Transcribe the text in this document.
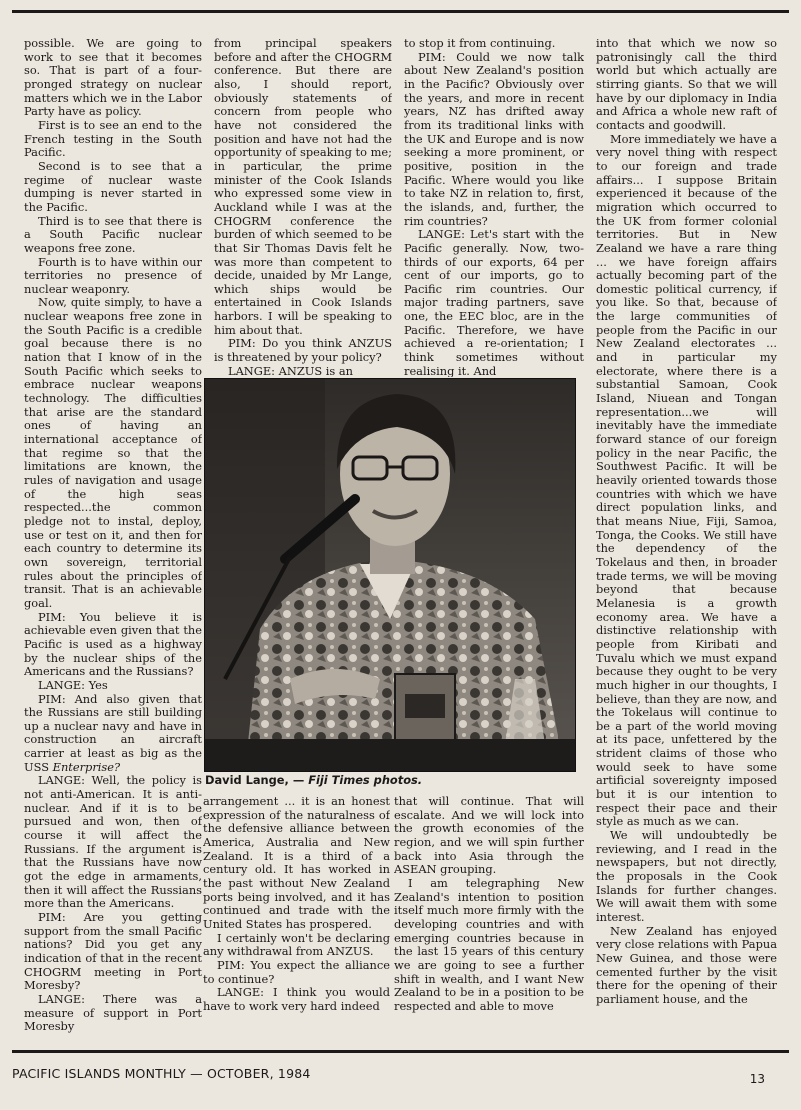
possible. We are going to work to see that it becomes so. That is part of a four-pronged strategy on nuclear matters which we in the Labor Party have as policy.

First is to see an end to the French testing in the South Pacific.

Second is to see that a regime of nuclear waste dumping is never started in the Pacific.

Third is to see that there is a South Pacific nuclear weapons free zone.

Fourth is to have within our territories no presence of nuclear weaponry.

Now, quite simply, to have a nuclear weapons free zone in the South Pacific is a credible goal because there is no nation that I know of in the South Pacific which seeks to embrace nuclear weapons technology. The difficulties that arise are the standard ones of having an international acceptance of that regime so that the limitations are known, the rules of navigation and usage of the high seas respected...the common pledge not to instal, deploy, use or test on it, and then for each country to determine its own sovereign, territorial rules about the principles of transit. That is an achievable goal.

PIM: You believe it is achievable even given that the Pacific is used as a highway by the nuclear ships of the Americans and the Russians?

LANGE: Yes

PIM: And also given that the Russians are still building up a nuclear navy and have in construction an aircraft carrier at least as big as the USS Enterprise?

LANGE: Well, the policy is not anti-American. It is anti-nuclear. And if it is to be pursued and won, then of course it will affect the Russians. If the argument is that the Russians have now got the edge in armaments, then it will affect the Russians more than the Americans.

PIM: Are you getting support from the small Pacific nations? Did you get any indication of that in the recent CHOGRM meeting in Port Moresby?

LANGE: There was a measure of support in Port Moresby

from principal speakers before and after the CHOGRM conference. But there are also, I should report, obviously statements of concern from people who have not considered the position and have not had the opportunity of speaking to me; in particular, the prime minister of the Cook Islands who expressed some view in Auckland while I was at the CHOGRM conference the burden of which seemed to be that Sir Thomas Davis felt he was more than competent to decide, unaided by Mr Lange, which ships would be entertained in Cook Islands harbors. I will be speaking to him about that.

PIM: Do you think ANZUS is threatened by your policy?

LANGE: ANZUS is an

to stop it from continuing.

PIM: Could we now talk about New Zealand's position in the Pacific? Obviously over the years, and more in recent years, NZ has drifted away from its traditional links with the UK and Europe and is now seeking a more prominent, or positive, position in the Pacific. Where would you like to take NZ in relation to, first, the islands, and, further, the rim countries?

LANGE: Let's start with the Pacific generally. Now, two-thirds of our exports, 64 per cent of our imports, go to Pacific rim countries. Our major trading partners, save one, the EEC bloc, are in the Pacific. Therefore, we have achieved a re-orientation; I think sometimes without realising it. And

into that which we now so patronisingly call the third world but which actually are stirring giants. So that we will have by our diplomacy in India and Africa a whole new raft of contacts and goodwill.

More immediately we have a very novel thing with respect to our foreign and trade affairs... I suppose Britain experienced it because of the migration which occurred to the UK from former colonial territories. But in New Zealand we have a rare thing ... we have foreign affairs actually becoming part of the domestic political currency, if you like. So that, because of the large communities of people from the Pacific in our New Zealand electorates ... and in particular my electorate, where there is a substantial Samoan, Cook Island, Niuean and Tongan representation...we will inevitably have the immediate forward stance of our foreign policy in the near Pacific, the Southwest Pacific. It will be heavily oriented towards those countries with which we have direct population links, and that means Niue, Fiji, Samoa, Tonga, the Cooks. We still have the dependency of the Tokelaus and then, in broader trade terms, we will be moving beyond that because Melanesia is a growth economy area. We have a distinctive relationship with people from Kiribati and Tuvalu which we must expand because they ought to be very much higher in our thoughts, I believe, than they are now, and the Tokelaus will continue to be a part of the world moving at its pace, unfettered by the strident claims of those who would seek to have some artificial sovereignty imposed but it is our intention to respect their pace and their style as much as we can.

We will undoubtedly be reviewing, and I read in the newspapers, but not directly, the proposals in the Cook Islands for further changes. We will await them with some interest.

New Zealand has enjoyed very close relations with Papua New Guinea, and those were cemented further by the visit there for the opening of their parliament house, and the

David Lange, — Fiji Times photos.

arrangement ... it is an honest expression of the naturalness of the defensive alliance between America, Australia and New Zealand. It is a third of a century old. It has worked in the past without New Zealand ports being involved, and it has continued and trade with the United States has prospered.

I certainly won't be declaring any withdrawal from ANZUS.

PIM: You expect the alliance to continue?

LANGE: I think you would have to work very hard indeed

that will continue. That will escalate. And we will lock into the growth economies of the region, and we will spin further back into Asia through the ASEAN grouping.

I am telegraphing New Zealand's intention to position itself much more firmly with the developing countries and with emerging countries because in the last 15 years of this century we are going to see a further shift in wealth, and I want New Zealand to be in a position to be respected and able to move

PACIFIC ISLANDS MONTHLY — OCTOBER, 1984	13
